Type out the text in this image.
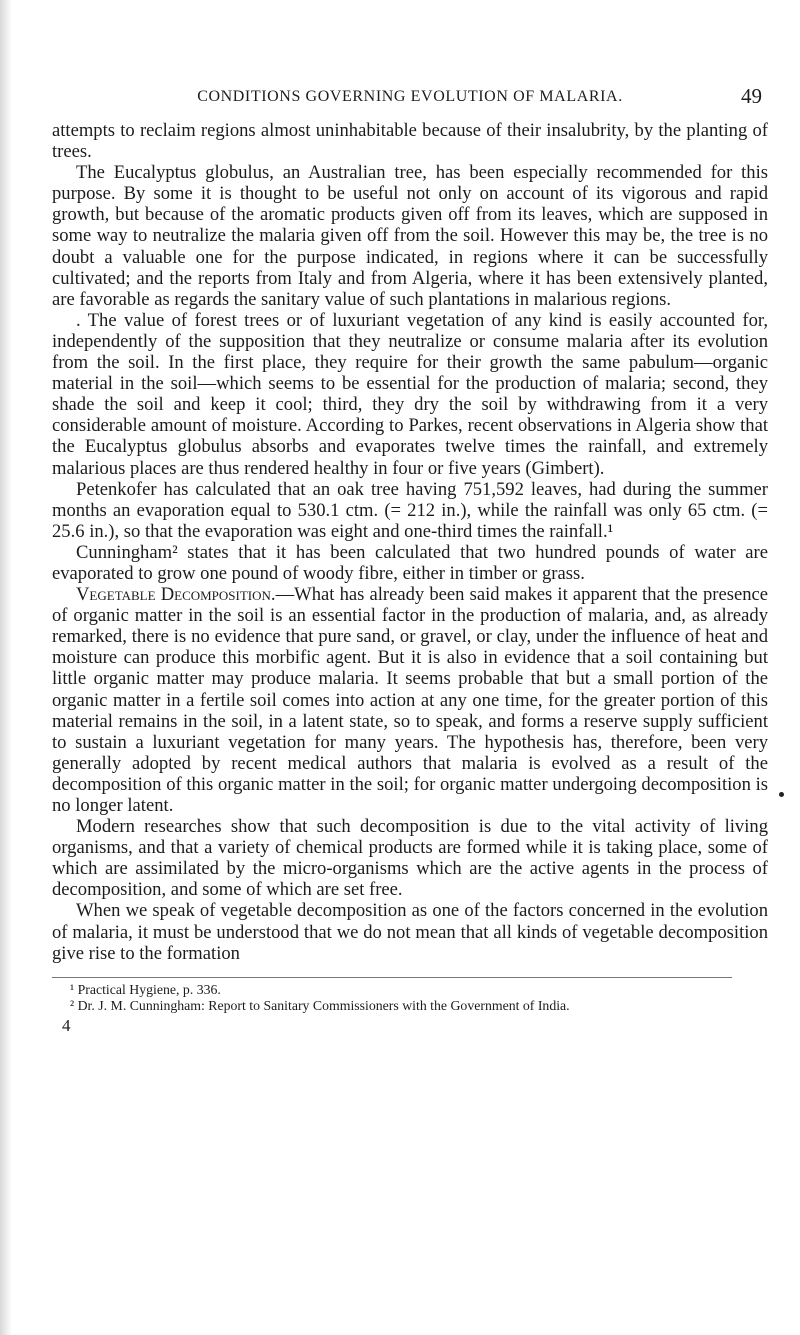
CONDITIONS GOVERNING EVOLUTION OF MALARIA.	49

attempts to reclaim regions almost uninhabitable because of their insalubrity, by the planting of trees.

The Eucalyptus globulus, an Australian tree, has been especially recommended for this purpose. By some it is thought to be useful not only on account of its vigorous and rapid growth, but because of the aromatic products given off from its leaves, which are supposed in some way to neutralize the malaria given off from the soil. However this may be, the tree is no doubt a valuable one for the purpose indicated, in regions where it can be successfully cultivated; and the reports from Italy and from Algeria, where it has been extensively planted, are favorable as regards the sanitary value of such plantations in malarious regions.

. The value of forest trees or of luxuriant vegetation of any kind is easily accounted for, independently of the supposition that they neutralize or consume malaria after its evolution from the soil. In the first place, they require for their growth the same pabulum—organic material in the soil—which seems to be essential for the production of malaria; second, they shade the soil and keep it cool; third, they dry the soil by withdrawing from it a very considerable amount of moisture. According to Parkes, recent observations in Algeria show that the Eucalyptus globulus absorbs and evaporates twelve times the rainfall, and extremely malarious places are thus rendered healthy in four or five years (Gimbert).

Petenkofer has calculated that an oak tree having 751,592 leaves, had during the summer months an evaporation equal to 530.1 ctm. (= 212 in.), while the rainfall was only 65 ctm. (= 25.6 in.), so that the evaporation was eight and one-third times the rainfall.¹

Cunningham² states that it has been calculated that two hundred pounds of water are evaporated to grow one pound of woody fibre, either in timber or grass.

Vegetable Decomposition.—What has already been said makes it apparent that the presence of organic matter in the soil is an essential factor in the production of malaria, and, as already remarked, there is no evidence that pure sand, or gravel, or clay, under the influence of heat and moisture can produce this morbific agent. But it is also in evidence that a soil containing but little organic matter may produce malaria. It seems probable that but a small portion of the organic matter in a fertile soil comes into action at any one time, for the greater portion of this material remains in the soil, in a latent state, so to speak, and forms a reserve supply sufficient to sustain a luxuriant vegetation for many years. The hypothesis has, therefore, been very generally adopted by recent medical authors that malaria is evolved as a result of the decomposition of this organic matter in the soil; for organic matter undergoing decomposition is no longer latent.

Modern researches show that such decomposition is due to the vital activity of living organisms, and that a variety of chemical products are formed while it is taking place, some of which are assimilated by the micro-organisms which are the active agents in the process of decomposition, and some of which are set free.

When we speak of vegetable decomposition as one of the factors concerned in the evolution of malaria, it must be understood that we do not mean that all kinds of vegetable decomposition give rise to the formation

¹ Practical Hygiene, p. 336.

² Dr. J. M. Cunningham: Report to Sanitary Commissioners with the Government of India.

4
